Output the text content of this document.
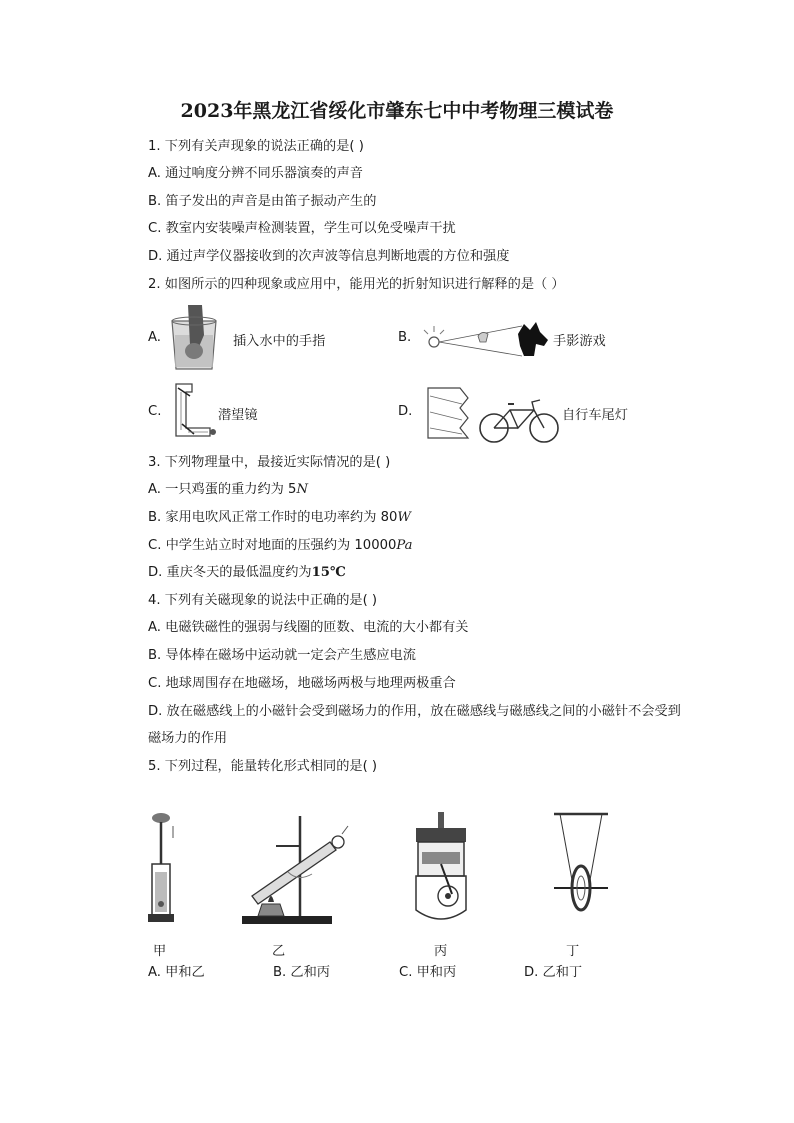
2023年黑龙江省绥化市肇东七中中考物理三模试卷
1. 下列有关声现象的说法正确的是( )
A. 通过响度分辨不同乐器演奏的声音
B. 笛子发出的声音是由笛子振动产生的
C. 教室内安装噪声检测装置，学生可以免受噪声干扰
D. 通过声学仪器接收到的次声波等信息判断地震的方位和强度
2. 如图所示的四种现象或应用中，能用光的折射知识进行解释的是（ ）
A.	插入水中的手指	B.	手影游戏
C.	潜望镜	D.	自行车尾灯
3. 下列物理量中，最接近实际情况的是( )
A. 一只鸡蛋的重力约为 5N
B. 家用电吹风正常工作时的电功率约为 80W
C. 中学生站立时对地面的压强约为 10000Pa
D. 重庆冬天的最低温度约为15℃
4. 下列有关磁现象的说法中正确的是( )
A. 电磁铁磁性的强弱与线圈的匝数、电流的大小都有关
B. 导体棒在磁场中运动就一定会产生感应电流
C. 地球周围存在地磁场，地磁场两极与地理两极重合
D. 放在磁感线上的小磁针会受到磁场力的作用，放在磁感线与磁感线之间的小磁针不会受到磁场力的作用
5. 下列过程，能量转化形式相同的是( )
甲	乙	丙	丁
A. 甲和乙	B. 乙和丙	C. 甲和丙	D. 乙和丁
